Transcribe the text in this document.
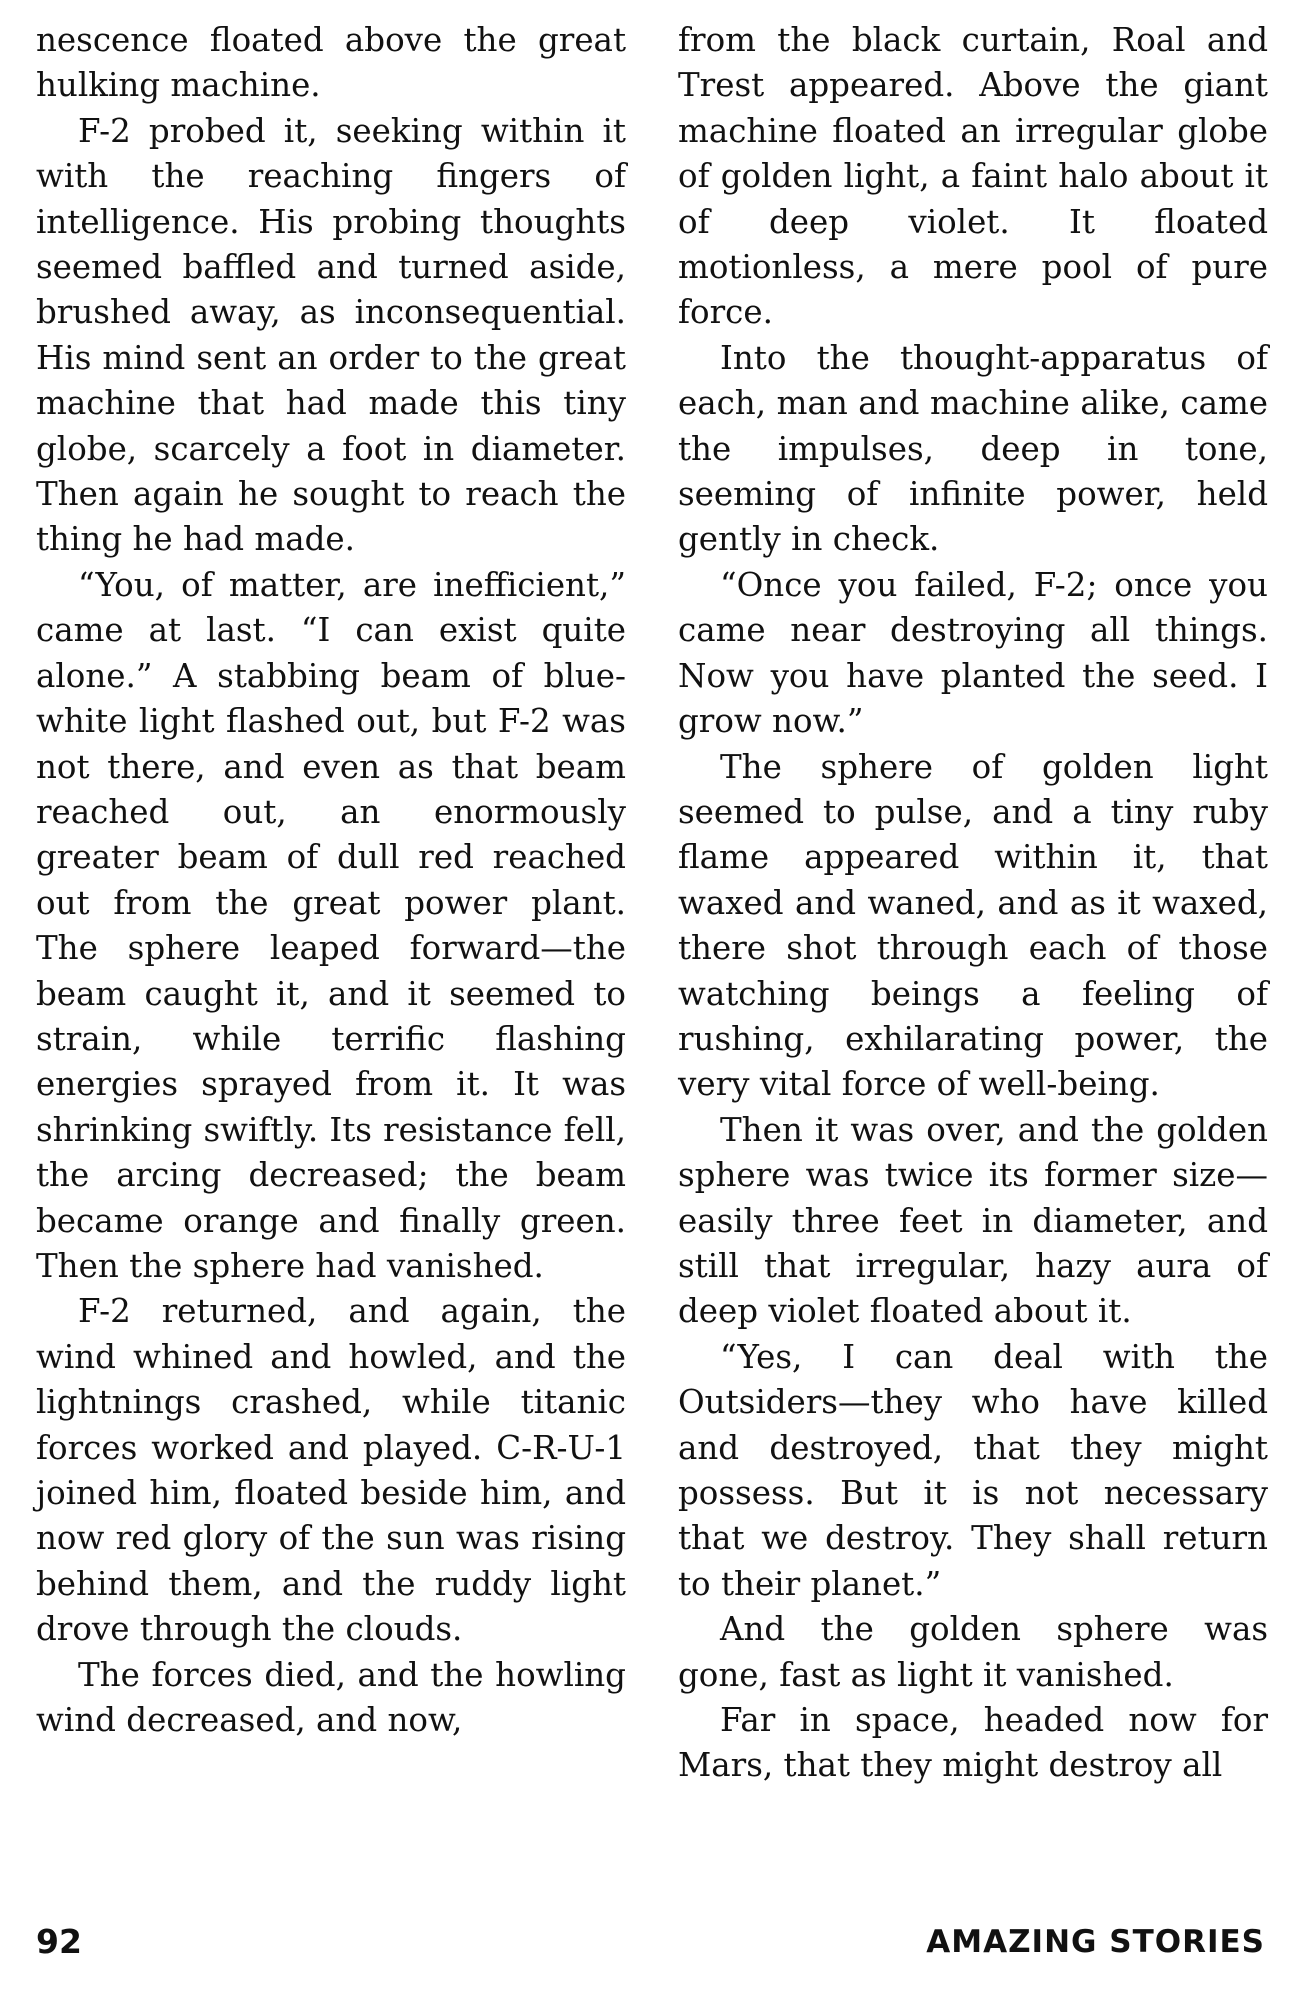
nescence floated above the great hulking machine.

F-2 probed it, seeking within it with the reaching fingers of intelligence. His probing thoughts seemed baffled and turned aside, brushed away, as inconsequential. His mind sent an order to the great machine that had made this tiny globe, scarcely a foot in diameter. Then again he sought to reach the thing he had made.

“You, of matter, are inefficient,” came at last. “I can exist quite alone.” A stabbing beam of blue-white light flashed out, but F-2 was not there, and even as that beam reached out, an enormously greater beam of dull red reached out from the great power plant. The sphere leaped forward—the beam caught it, and it seemed to strain, while terrific flashing energies sprayed from it. It was shrinking swiftly. Its resistance fell, the arcing decreased; the beam became orange and finally green. Then the sphere had vanished.

F-2 returned, and again, the wind whined and howled, and the lightnings crashed, while titanic forces worked and played. C-R-U-1 joined him, floated beside him, and now red glory of the sun was rising behind them, and the ruddy light drove through the clouds.

The forces died, and the howling wind decreased, and now,

from the black curtain, Roal and Trest appeared. Above the giant machine floated an irregular globe of golden light, a faint halo about it of deep violet. It floated motionless, a mere pool of pure force.

Into the thought-apparatus of each, man and machine alike, came the impulses, deep in tone, seeming of infinite power, held gently in check.

“Once you failed, F-2; once you came near destroying all things. Now you have planted the seed. I grow now.”

The sphere of golden light seemed to pulse, and a tiny ruby flame appeared within it, that waxed and waned, and as it waxed, there shot through each of those watching beings a feeling of rushing, exhilarating power, the very vital force of well-being.

Then it was over, and the golden sphere was twice its former size—easily three feet in diameter, and still that irregular, hazy aura of deep violet floated about it.

“Yes, I can deal with the Outsiders—they who have killed and destroyed, that they might possess. But it is not necessary that we destroy. They shall return to their planet.”

And the golden sphere was gone, fast as light it vanished.

Far in space, headed now for Mars, that they might destroy all

92	AMAZING STORIES
